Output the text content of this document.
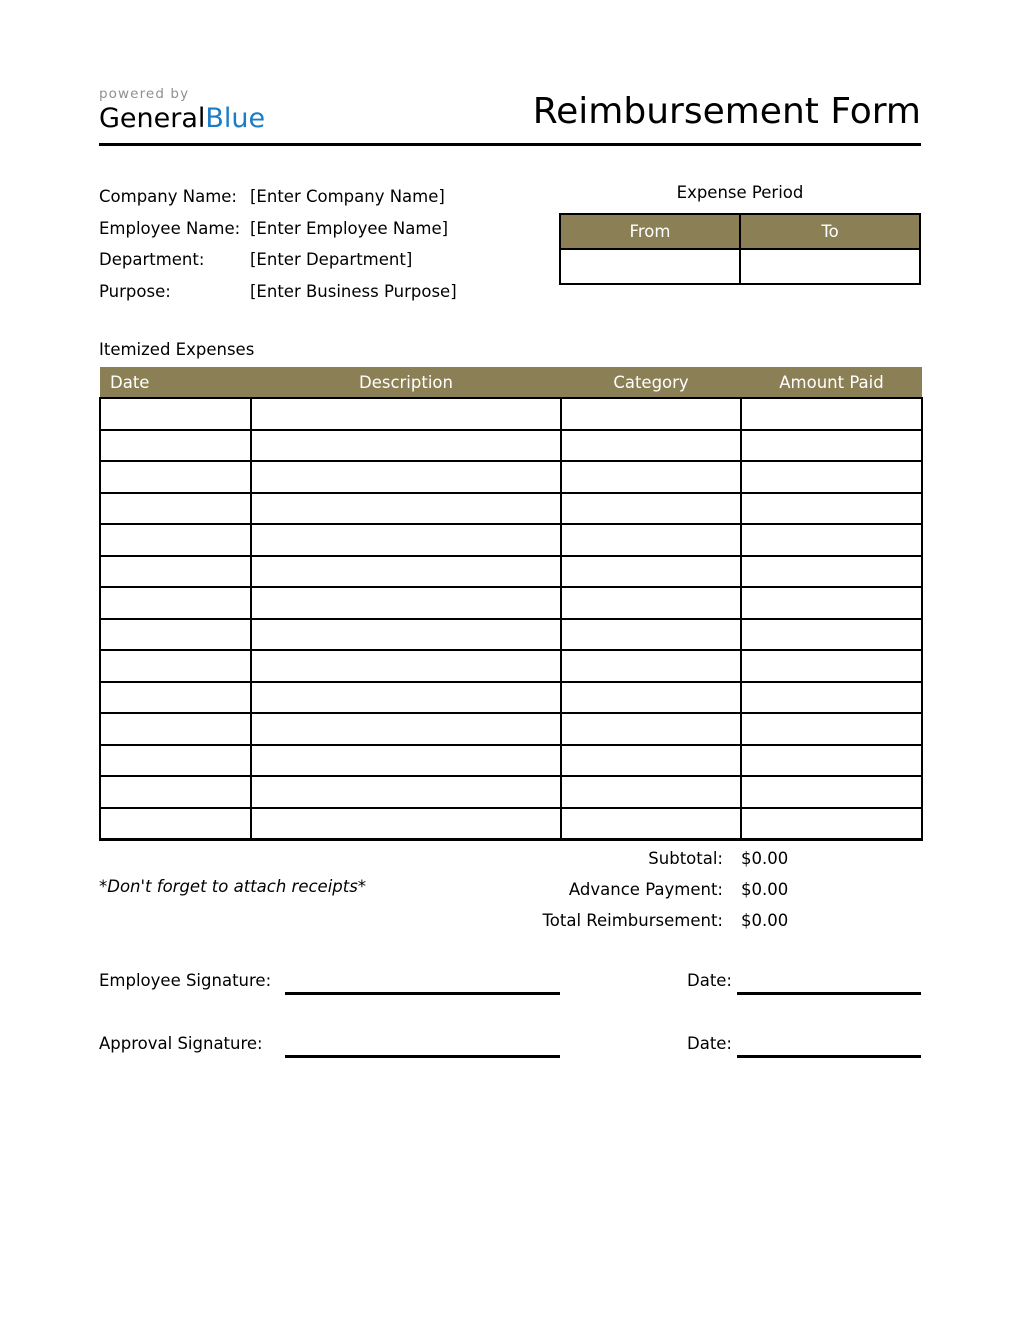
powered by
GeneralBlue	Reimbursement Form
Company Name: [Enter Company Name]
Employee Name: [Enter Employee Name]
Department:	[Enter Department]
Purpose:	[Enter Business Purpose]
Expense Period
From	To

Itemized Expenses
Date	Description	Category	Amount Paid

*Don't forget to attach receipts*
Subtotal:	$0.00
Advance Payment:	$0.00
Total Reimbursement:	$0.00
Employee Signature:	Date:
Approval Signature:	Date:
